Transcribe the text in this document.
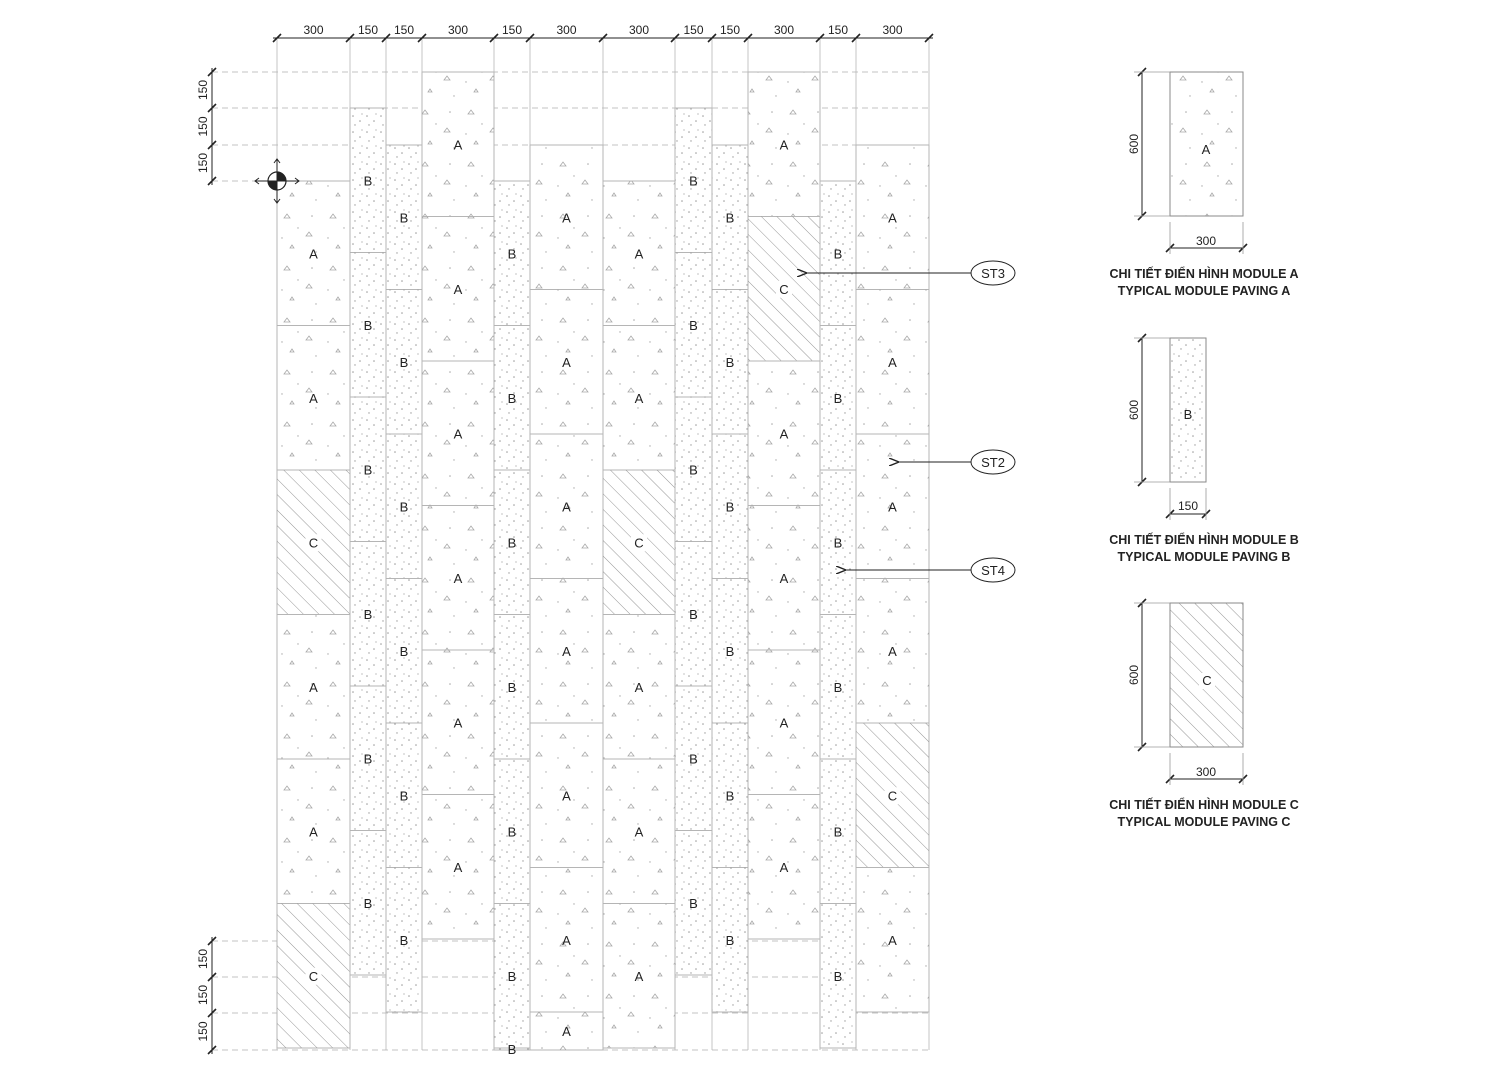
A
A
C
A
A
C
B
B
B
B
B
B
B
B
B
B
B
B
A
A
A
A
A
A
B
B
B
B
B
B
B
A
A
A
A
A
A
A
A
A
C
A
A
A
B
B
B
B
B
B
B
B
B
B
B
B
A
C
A
A
A
A
B
B
B
B
B
B
A
A
A
A
C
A
300	150 150	300	150	300	300	150 150	300	150	300
150
150
150
150
150
150
ST3
ST2
ST4
A
600
300
CHI TIẾT ĐIỂN HÌNH MODULE A
TYPICAL MODULE PAVING A
B
600
150
CHI TIẾT ĐIỂN HÌNH MODULE B
TYPICAL MODULE PAVING B
C
600
300
CHI TIẾT ĐIỂN HÌNH MODULE C
TYPICAL MODULE PAVING C
